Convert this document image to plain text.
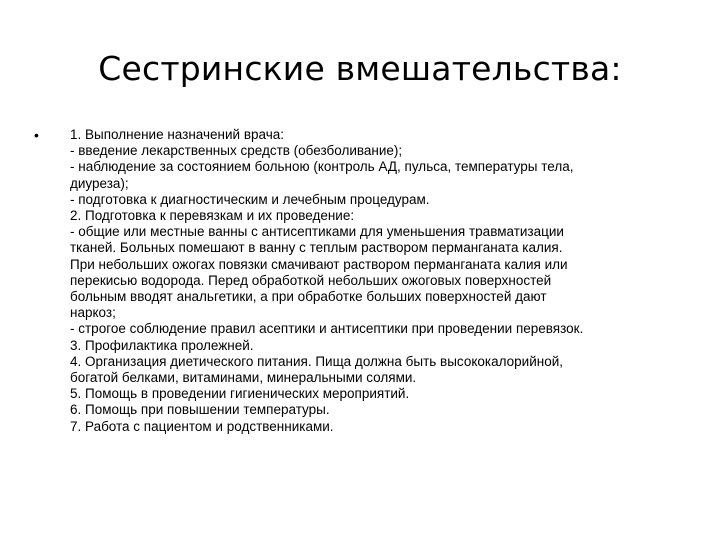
Сестринские вмешательства:
• 1. Выполнение назначений врача:
- введение лекарственных средств (обезболивание);
- наблюдение за состоянием больною (контроль АД, пульса, температуры тела,
диуреза);
- подготовка к диагностическим и лечебным процедурам.
2. Подготовка к перевязкам и их проведение:
- общие или местные ванны с антисептиками для уменьшения травматизации
тканей. Больных помешают в ванну с теплым раствором перманганата калия.
При небольших ожогах повязки смачивают раствором перманганата калия или
перекисью водорода. Перед обработкой небольших ожоговых поверхностей
больным вводят анальгетики, а при обработке больших поверхностей дают
наркоз;
- строгое соблюдение правил асептики и антисептики при проведении перевязок.
3. Профилактика пролежней.
4. Организация диетического питания. Пища должна быть высококалорийной,
богатой белками, витаминами, минеральными солями.
5. Помощь в проведении гигиенических мероприятий.
6. Помощь при повышении температуры.
7. Работа с пациентом и родственниками.
